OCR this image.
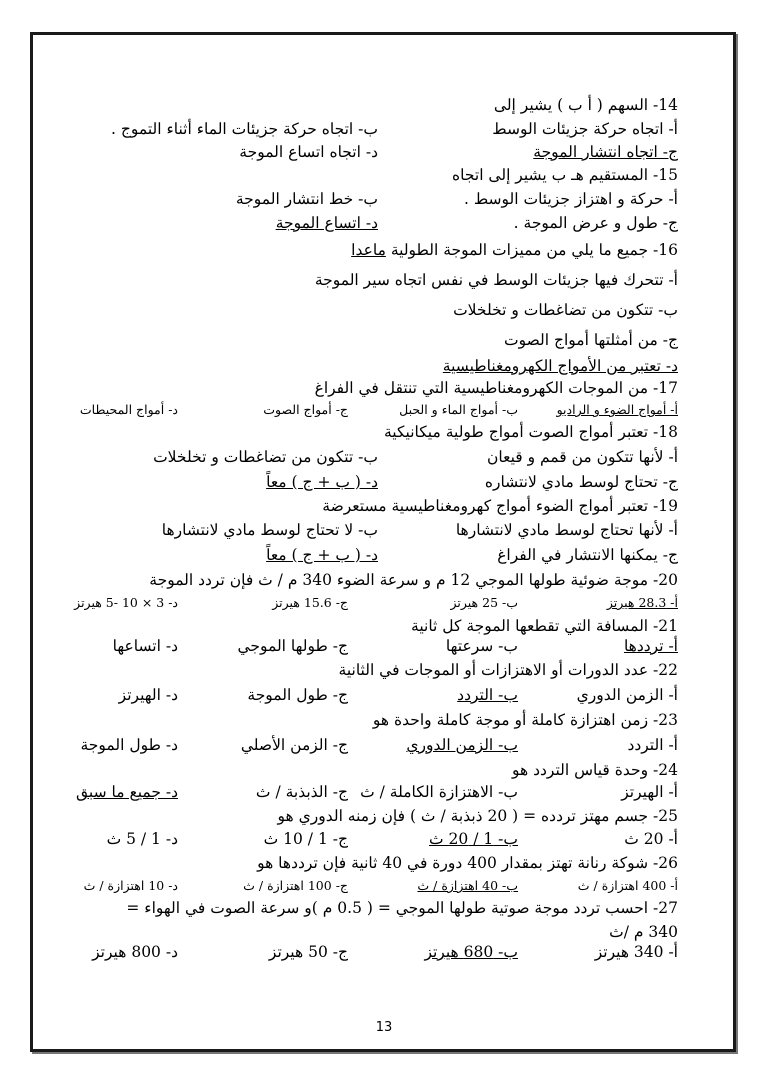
14- السهم ( أ ب ) يشير إلى
أ- اتجاه حركة جزيئات الوسط
ب- اتجاه حركة جزيئات الماء أثناء التموج .
ج- اتجاه انتشار الموجة
د- اتجاه اتساع الموجة
15- المستقيم هـ ب يشير إلى اتجاه
أ- حركة و اهتزاز جزيئات الوسط .
ب- خط انتشار الموجة
ج- طول و عرض الموجة .
د- اتساع الموجة
16- جميع ما يلي من مميزات الموجة الطولية ماعدا
أ- تتحرك فيها جزيئات الوسط في نفس اتجاه سير الموجة
ب- تتكون من تضاغطات و تخلخلات
ج- من أمثلتها أمواج الصوت
د- تعتبر من الأمواج الكهرومغناطيسية
17- من الموجات الكهرومغناطيسية التي تنتقل في الفراغ
أ- أمواج الضوء و الراديو
ب- أمواج الماء و الحبل
ج- أمواج الصوت
د- أمواج المحيطات
18- تعتبر أمواج الصوت أمواج طولية ميكانيكية
أ- لأنها تتكون من قمم و قيعان
ب- تتكون من تضاغطات و تخلخلات
ج- تحتاج لوسط مادي لانتشاره
د- ( ب + ج ) معاً
19- تعتبر أمواج الضوء أمواج كهرومغناطيسية مستعرضة
أ- لأنها تحتاج لوسط مادي لانتشارها
ب- لا تحتاج لوسط مادي لانتشارها
ج- يمكنها الانتشار في الفراغ
د- ( ب + ج ) معاً
20- موجة ضوئية طولها الموجي 12 م و سرعة الضوء 340 م / ث فإن تردد الموجة
أ- 28.3 هيرتز
ب- 25 هيرتز
ج- 15.6 هيرتز
د- 3 × 10 -5 هيرتز
21- المسافة التي تقطعها الموجة كل ثانية
أ- ترددها
ب- سرعتها
ج- طولها الموجي
د- اتساعها
22- عدد الدورات أو الاهتزازات أو الموجات في الثانية
أ- الزمن الدوري
ب- التردد
ج- طول الموجة
د- الهيرتز
23- زمن اهتزازة كاملة أو موجة كاملة واحدة هو
أ- التردد
ب- الزمن الدوري
ج- الزمن الأصلي
د- طول الموجة
24- وحدة قياس التردد هو
أ- الهيرتز
ب- الاهتزازة الكاملة / ث
ج- الذبذبة / ث
د- جميع ما سبق
25- جسم مهتز تردده = ( 20 ذبذبة / ث ) فإن زمنه الدوري هو
أ- 20 ث
ب- 1 / 20 ث
ج- 1 / 10 ث
د- 1 / 5 ث
26- شوكة رنانة تهتز بمقدار 400 دورة في 40 ثانية فإن ترددها هو
أ- 400 اهتزازة / ث
ب- 40 اهتزازة / ث
ج- 100 اهتزازة / ث
د- 10 اهتزازة / ث
27- احسب تردد موجة صوتية طولها الموجي = ( 0.5 م )و سرعة الصوت في الهواء =
340 م /ث
أ- 340 هيرتز
ب- 680 هيرتز
ج- 50 هيرتز
د- 800 هيرتز
13
